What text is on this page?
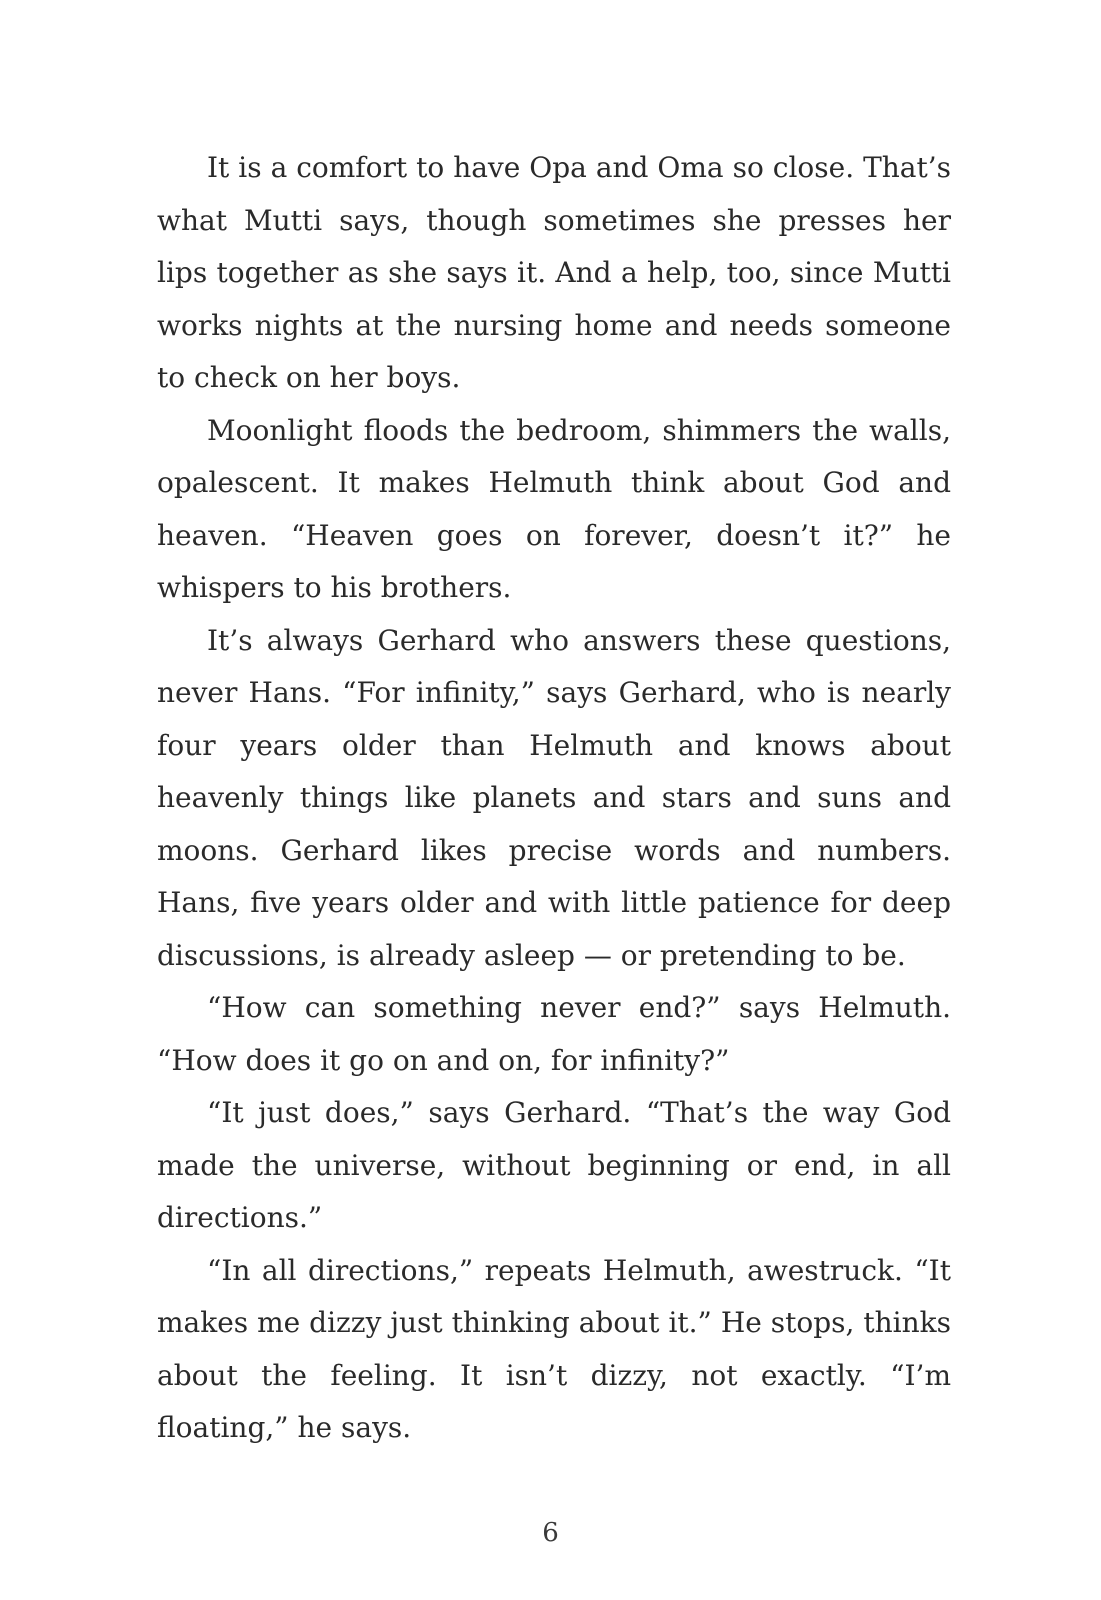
It is a comfort to have Opa and Oma so close. That’s what Mutti says, though sometimes she presses her lips together as she says it. And a help, too, since Mutti works nights at the nursing home and needs someone to check on her boys.

Moonlight floods the bedroom, shimmers the walls, opalescent. It makes Helmuth think about God and heaven. “Heaven goes on forever, doesn’t it?” he whispers to his brothers.

It’s always Gerhard who answers these questions, never Hans. “For infinity,” says Gerhard, who is nearly four years older than Helmuth and knows about heavenly things like planets and stars and suns and moons. Gerhard likes precise words and numbers. Hans, five years older and with little patience for deep discussions, is already asleep — or pretending to be.

“How can something never end?” says Helmuth. “How does it go on and on, for infinity?”

“It just does,” says Gerhard. “That’s the way God made the universe, without beginning or end, in all directions.”

“In all directions,” repeats Helmuth, awestruck. “It makes me dizzy just thinking about it.” He stops, thinks about the feeling. It isn’t dizzy, not exactly. “I’m floating,” he says.

6
